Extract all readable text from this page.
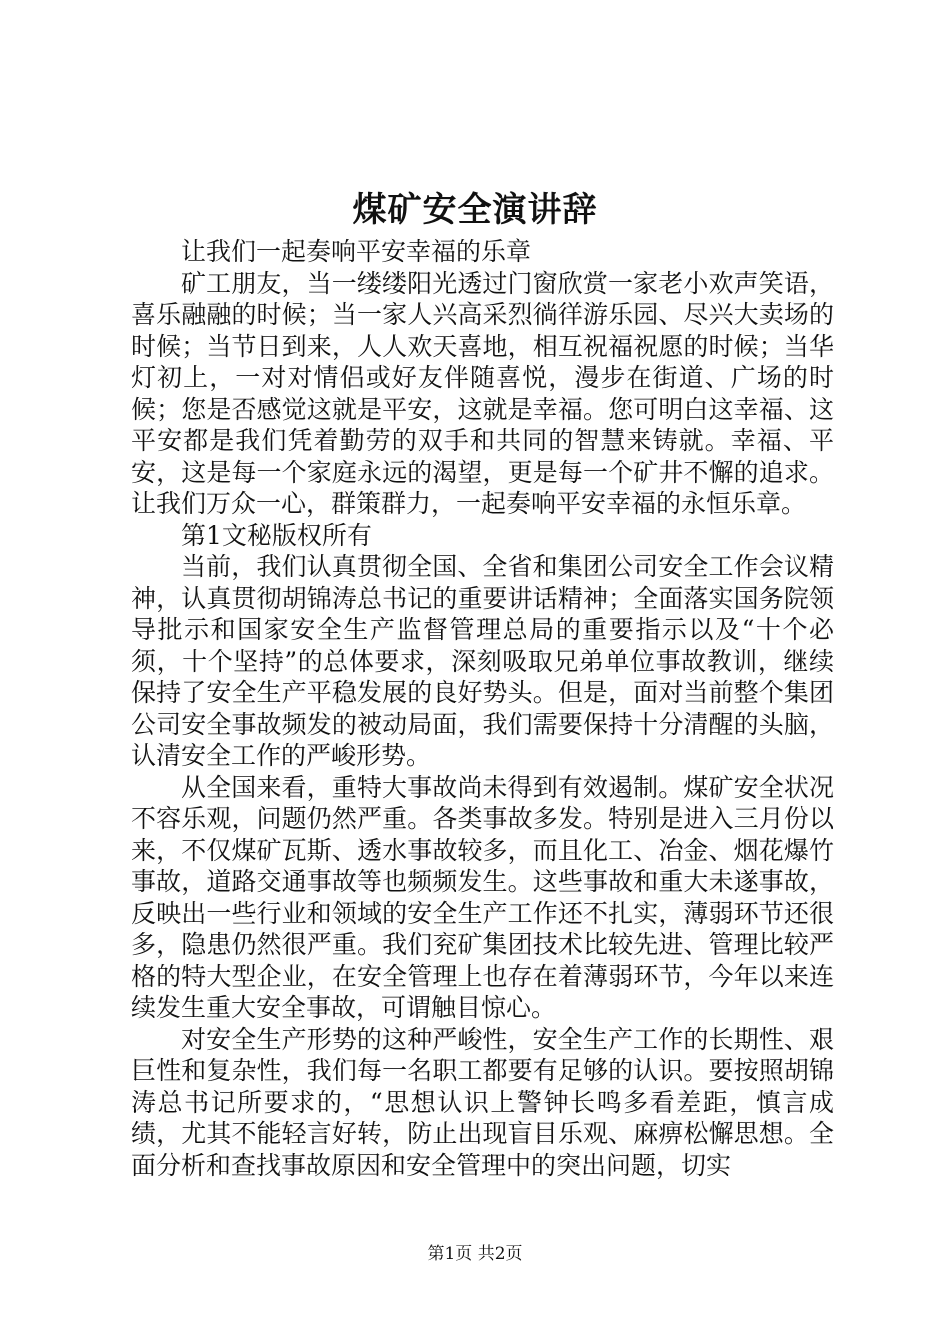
煤矿安全演讲辞

让我们一起奏响平安幸福的乐章

矿工朋友，当一缕缕阳光透过门窗欣赏一家老小欢声笑语，喜乐融融的时候；当一家人兴高采烈徜徉游乐园、尽兴大卖场的时候；当节日到来，人人欢天喜地，相互祝福祝愿的时候；当华灯初上，一对对情侣或好友伴随喜悦，漫步在街道、广场的时候；您是否感觉这就是平安，这就是幸福。您可明白这幸福、这平安都是我们凭着勤劳的双手和共同的智慧来铸就。幸福、平安，这是每一个家庭永远的渴望，更是每一个矿井不懈的追求。让我们万众一心，群策群力，一起奏响平安幸福的永恒乐章。

第1文秘版权所有

当前，我们认真贯彻全国、全省和集团公司安全工作会议精神，认真贯彻胡锦涛总书记的重要讲话精神；全面落实国务院领导批示和国家安全生产监督管理总局的重要指示以及“十个必须，十个坚持”的总体要求，深刻吸取兄弟单位事故教训，继续保持了安全生产平稳发展的良好势头。但是，面对当前整个集团公司安全事故频发的被动局面，我们需要保持十分清醒的头脑，认清安全工作的严峻形势。

从全国来看，重特大事故尚未得到有效遏制。煤矿安全状况不容乐观，问题仍然严重。各类事故多发。特别是进入三月份以来，不仅煤矿瓦斯、透水事故较多，而且化工、冶金、烟花爆竹事故，道路交通事故等也频频发生。这些事故和重大未遂事故，反映出一些行业和领域的安全生产工作还不扎实，薄弱环节还很多，隐患仍然很严重。我们兖矿集团技术比较先进、管理比较严格的特大型企业，在安全管理上也存在着薄弱环节，今年以来连续发生重大安全事故，可谓触目惊心。

对安全生产形势的这种严峻性，安全生产工作的长期性、艰巨性和复杂性，我们每一名职工都要有足够的认识。要按照胡锦涛总书记所要求的，“思想认识上警钟长鸣多看差距，慎言成绩，尤其不能轻言好转，防止出现盲目乐观、麻痹松懈思想。全面分析和查找事故原因和安全管理中的突出问题，切实

第1页 共2页
